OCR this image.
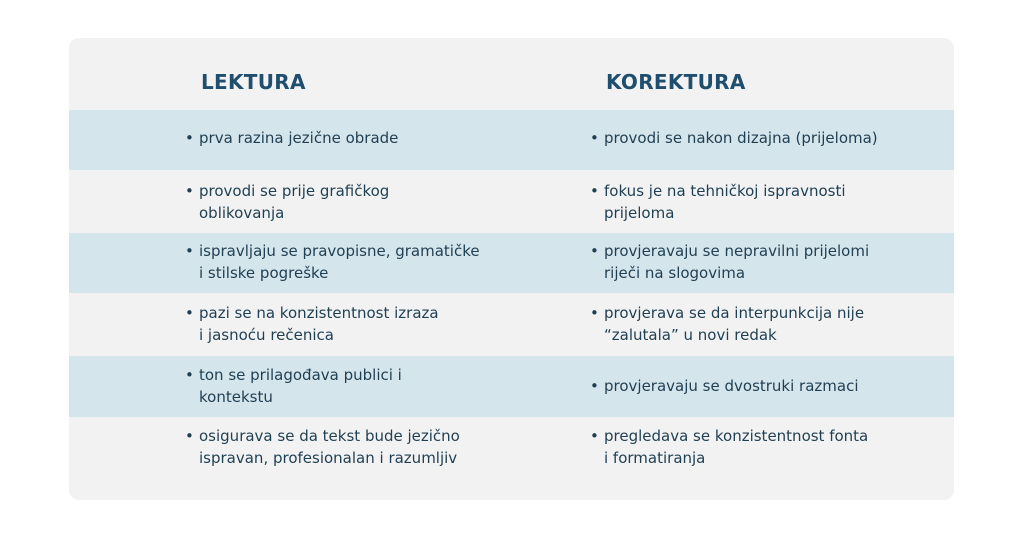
LEKTURA	KOREKTURA
• prva razina jezične obrade	• provodi se nakon dizajna (prijeloma)
• provodi se prije grafičkog
oblikovanja
• fokus je na tehničkoj ispravnosti
prijeloma
• ispravljaju se pravopisne, gramatičke
i stilske pogreške
• provjeravaju se nepravilni prijelomi
riječi na slogovima
• pazi se na konzistentnost izraza
i jasnoću rečenica
• provjerava se da interpunkcija nije
“zalutala” u novi redak
• ton se prilagođava publici i
kontekstu
• provjeravaju se dvostruki razmaci
• osigurava se da tekst bude jezično
ispravan, profesionalan i razumljiv
• pregledava se konzistentnost fonta
i formatiranja
